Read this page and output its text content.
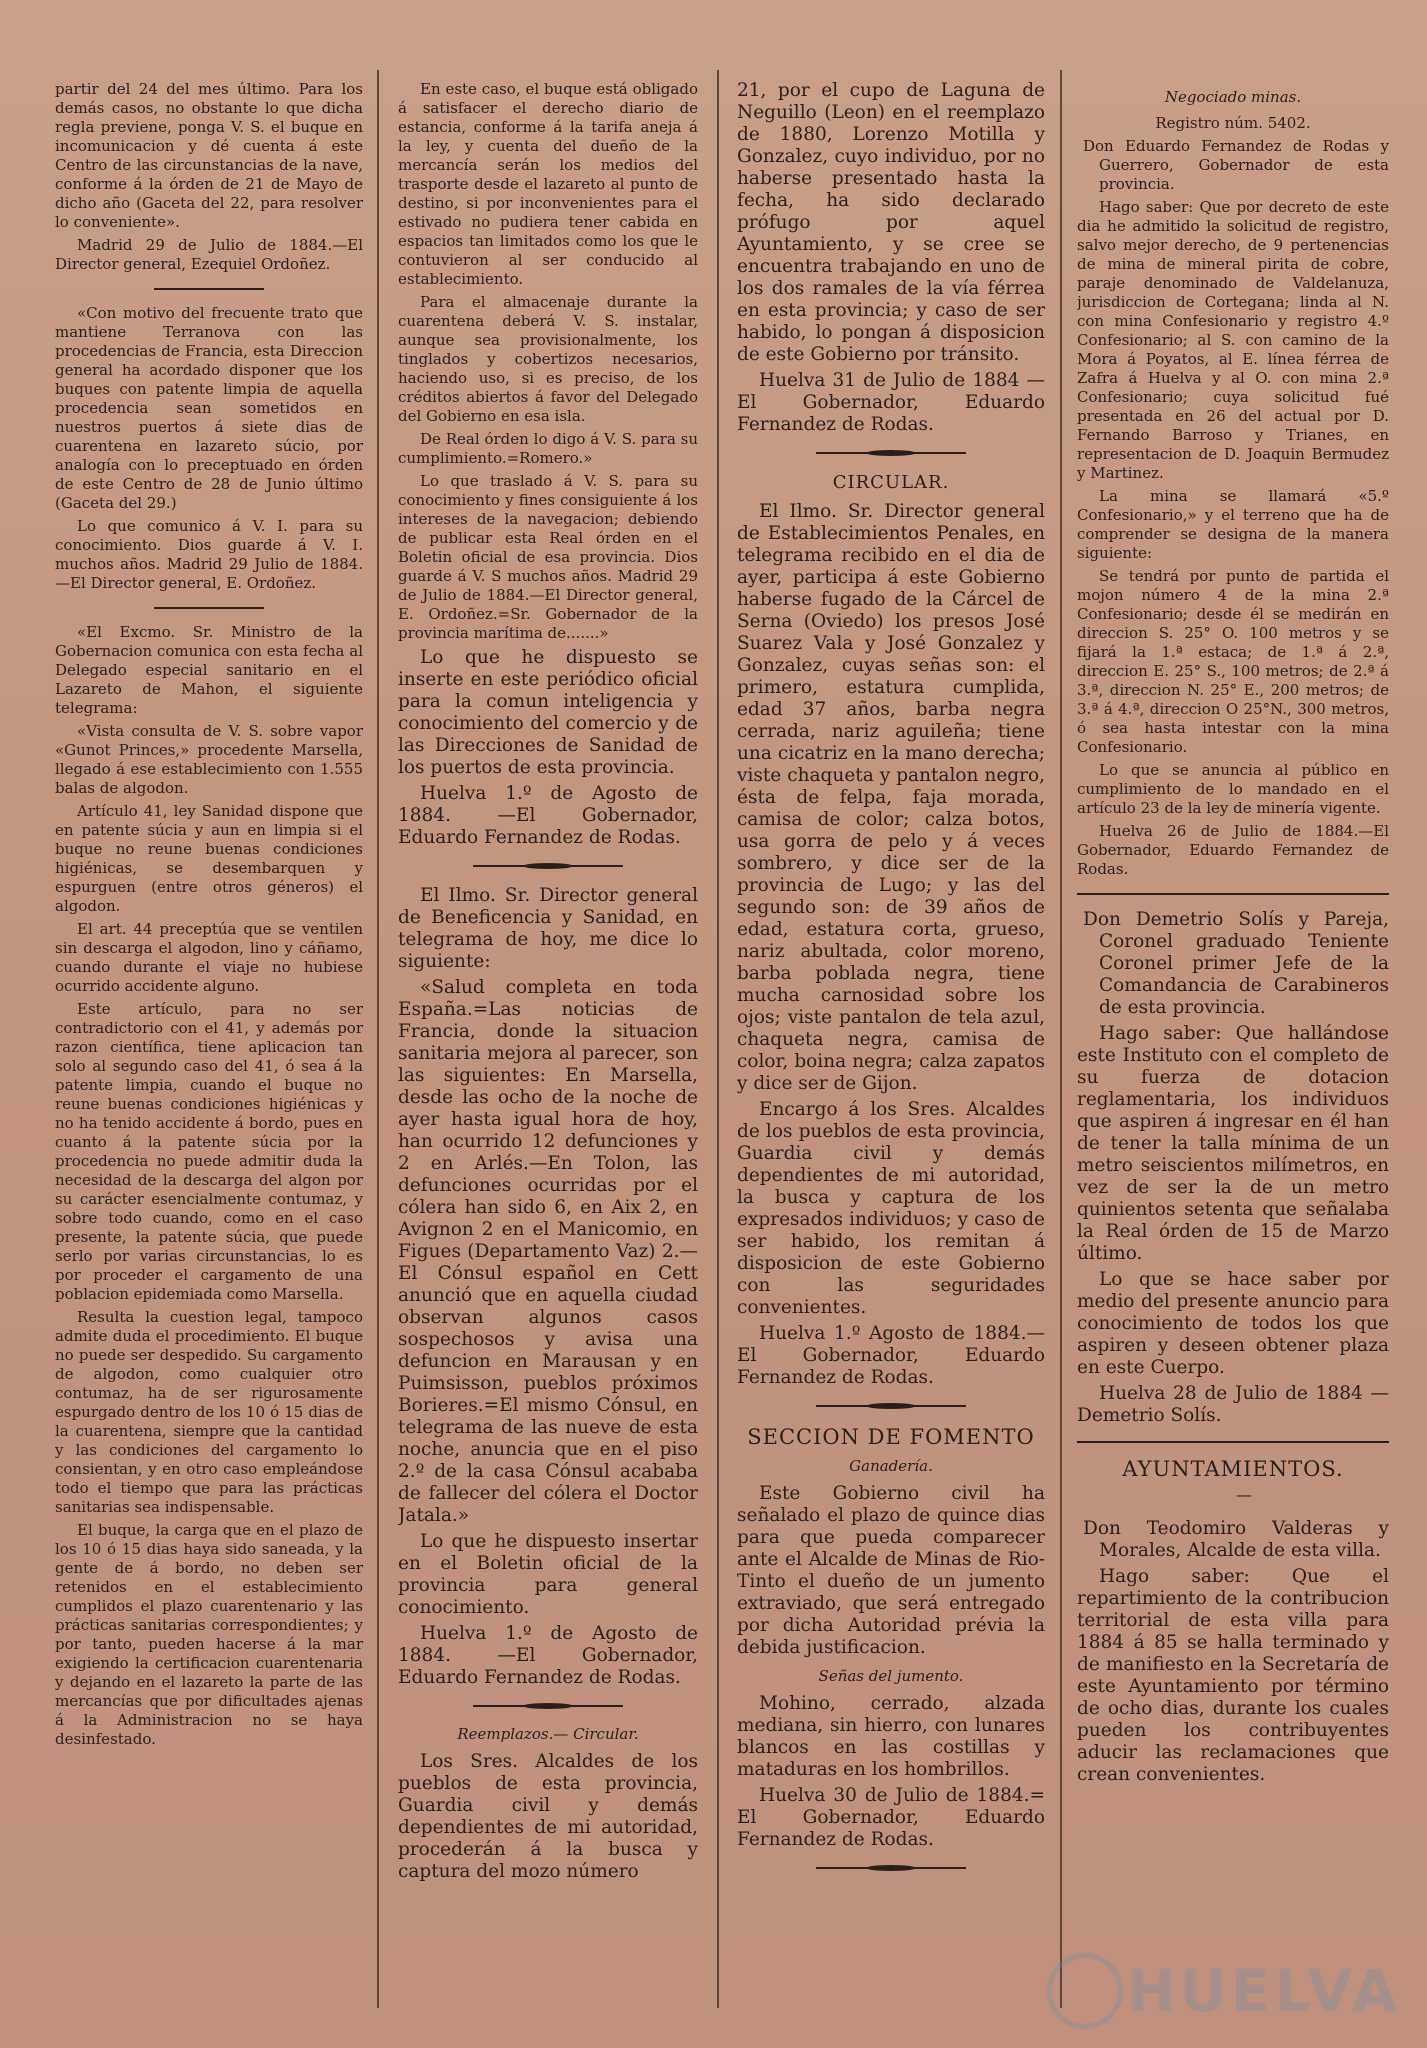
partir del 24 del mes último. Para los demás casos, no obstante lo que dicha regla previene, ponga V. S. el buque en incomunicacion y dé cuenta á este Centro de las circunstancias de la nave, conforme á la órden de 21 de Mayo de dicho año (Gaceta del 22, para resolver lo conveniente».

Madrid 29 de Julio de 1884.—El Director general, Ezequiel Ordoñez.

«Con motivo del frecuente trato que mantiene Terranova con las procedencias de Francia, esta Direccion general ha acordado disponer que los buques con patente limpia de aquella procedencia sean sometidos en nuestros puertos á siete dias de cuarentena en lazareto súcio, por analogía con lo preceptuado en órden de este Centro de 28 de Junio último (Gaceta del 29.)

Lo que comunico á V. I. para su conocimiento. Dios guarde á V. I. muchos años. Madrid 29 Julio de 1884.—El Director general, E. Ordoñez.

«El Excmo. Sr. Ministro de la Gobernacion comunica con esta fecha al Delegado especial sanitario en el Lazareto de Mahon, el siguiente telegrama:

«Vista consulta de V. S. sobre vapor «Gunot Princes,» procedente Marsella, llegado á ese establecimiento con 1.555 balas de algodon.

Artículo 41, ley Sanidad dispone que en patente súcia y aun en limpia si el buque no reune buenas condiciones higiénicas, se desembarquen y espurguen (entre otros géneros) el algodon.

El art. 44 preceptúa que se ventilen sin descarga el algodon, lino y cáñamo, cuando durante el viaje no hubiese ocurrido accidente alguno.

Este artículo, para no ser contradictorio con el 41, y además por razon científica, tiene aplicacion tan solo al segundo caso del 41, ó sea á la patente limpia, cuando el buque no reune buenas condiciones higiénicas y no ha tenido accidente á bordo, pues en cuanto á la patente súcia por la procedencia no puede admitir duda la necesidad de la descarga del algon por su carácter esencialmente contumaz, y sobre todo cuando, como en el caso presente, la patente súcia, que puede serlo por varias circunstancias, lo es por proceder el cargamento de una poblacion epidemiada como Marsella.

Resulta la cuestion legal, tampoco admite duda el procedimiento. El buque no puede ser despedido. Su cargamento de algodon, como cualquier otro contumaz, ha de ser rigurosamente espurgado dentro de los 10 ó 15 dias de la cuarentena, siempre que la cantidad y las condiciones del cargamento lo consientan, y en otro caso empleándose todo el tiempo que para las prácticas sanitarias sea indispensable.

El buque, la carga que en el plazo de los 10 ó 15 dias haya sido saneada, y la gente de á bordo, no deben ser retenidos en el establecimiento cumplidos el plazo cuarentenario y las prácticas sanitarias correspondientes; y por tanto, pueden hacerse á la mar exigiendo la certificacion cuarentenaria y dejando en el lazareto la parte de las mercancías que por dificultades ajenas á la Administracion no se haya desinfestado.

En este caso, el buque está obligado á satisfacer el derecho diario de estancia, conforme á la tarifa aneja á la ley, y cuenta del dueño de la mercancía serán los medios del trasporte desde el lazareto al punto de destino, si por inconvenientes para el estivado no pudiera tener cabida en espacios tan limitados como los que le contuvieron al ser conducido al establecimiento.

Para el almacenaje durante la cuarentena deberá V. S. instalar, aunque sea provisionalmente, los tinglados y cobertizos necesarios, haciendo uso, si es preciso, de los créditos abiertos á favor del Delegado del Gobierno en esa isla.

De Real órden lo digo á V. S. para su cumplimiento.=Romero.»

Lo que traslado á V. S. para su conocimiento y fines consiguiente á los intereses de la navegacion; debiendo de publicar esta Real órden en el Boletin oficial de esa provincia. Dios guarde á V. S muchos años. Madrid 29 de Julio de 1884.—El Director general, E. Ordoñez.=Sr. Gobernador de la provincia marítima de.......»

Lo que he dispuesto se inserte en este periódico oficial para la comun inteligencia y conocimiento del comercio y de las Direcciones de Sanidad de los puertos de esta provincia.

Huelva 1.º de Agosto de 1884. —El Gobernador, Eduardo Fernandez de Rodas.

El Ilmo. Sr. Director general de Beneficencia y Sanidad, en telegrama de hoy, me dice lo siguiente:

«Salud completa en toda España.=Las noticias de Francia, donde la situacion sanitaria mejora al parecer, son las siguientes: En Marsella, desde las ocho de la noche de ayer hasta igual hora de hoy, han ocurrido 12 defunciones y 2 en Arlés.—En Tolon, las defunciones ocurridas por el cólera han sido 6, en Aix 2, en Avignon 2 en el Manicomio, en Figues (Departamento Vaz) 2.—El Cónsul español en Cett anunció que en aquella ciudad observan algunos casos sospechosos y avisa una defuncion en Marausan y en Puimsisson, pueblos próximos Borieres.=El mismo Cónsul, en telegrama de las nueve de esta noche, anuncia que en el piso 2.º de la casa Cónsul acababa de fallecer del cólera el Doctor Jatala.»

Lo que he dispuesto insertar en el Boletin oficial de la provincia para general conocimiento.

Huelva 1.º de Agosto de 1884. —El Gobernador, Eduardo Fernandez de Rodas.

Reemplazos.— Circular.

Los Sres. Alcaldes de los pueblos de esta provincia, Guardia civil y demás dependientes de mi autoridad, procederán á la busca y captura del mozo número

21, por el cupo de Laguna de Neguillo (Leon) en el reemplazo de 1880, Lorenzo Motilla y Gonzalez, cuyo individuo, por no haberse presentado hasta la fecha, ha sido declarado prófugo por aquel Ayuntamiento, y se cree se encuentra trabajando en uno de los dos ramales de la vía férrea en esta provincia; y caso de ser habido, lo pongan á disposicion de este Gobierno por tránsito.

Huelva 31 de Julio de 1884 — El Gobernador, Eduardo Fernandez de Rodas.

CIRCULAR.

El Ilmo. Sr. Director general de Establecimientos Penales, en telegrama recibido en el dia de ayer, participa á este Gobierno haberse fugado de la Cárcel de Serna (Oviedo) los presos José Suarez Vala y José Gonzalez y Gonzalez, cuyas señas son: el primero, estatura cumplida, edad 37 años, barba negra cerrada, nariz aguileña; tiene una cicatriz en la mano derecha; viste chaqueta y pantalon negro, ésta de felpa, faja morada, camisa de color; calza botos, usa gorra de pelo y á veces sombrero, y dice ser de la provincia de Lugo; y las del segundo son: de 39 años de edad, estatura corta, grueso, nariz abultada, color moreno, barba poblada negra, tiene mucha carnosidad sobre los ojos; viste pantalon de tela azul, chaqueta negra, camisa de color, boina negra; calza zapatos y dice ser de Gijon.

Encargo á los Sres. Alcaldes de los pueblos de esta provincia, Guardia civil y demás dependientes de mi autoridad, la busca y captura de los expresados individuos; y caso de ser habido, los remitan á disposicion de este Gobierno con las seguridades convenientes.

Huelva 1.º Agosto de 1884.— El Gobernador, Eduardo Fernandez de Rodas.

SECCION DE FOMENTO

Ganadería.

Este Gobierno civil ha señalado el plazo de quince dias para que pueda comparecer ante el Alcalde de Minas de Rio-Tinto el dueño de un jumento extraviado, que será entregado por dicha Autoridad prévia la debida justificacion.

Señas del jumento.

Mohino, cerrado, alzada mediana, sin hierro, con lunares blancos en las costillas y mataduras en los hombrillos.

Huelva 30 de Julio de 1884.= El Gobernador, Eduardo Fernandez de Rodas.

Negociado minas.

Registro núm. 5402.

Don Eduardo Fernandez de Rodas y Guerrero, Gobernador de esta provincia.

Hago saber: Que por decreto de este dia he admitido la solicitud de registro, salvo mejor derecho, de 9 pertenencias de mina de mineral pirita de cobre, paraje denominado de Valdelanuza, jurisdiccion de Cortegana; linda al N. con mina Confesionario y registro 4.º Confesionario; al S. con camino de la Mora á Poyatos, al E. línea férrea de Zafra á Huelva y al O. con mina 2.ª Confesionario; cuya solicitud fué presentada en 26 del actual por D. Fernando Barroso y Trianes, en representacion de D. Joaquin Bermudez y Martinez.

La mina se llamará «5.º Confesionario,» y el terreno que ha de comprender se designa de la manera siguiente:

Se tendrá por punto de partida el mojon número 4 de la mina 2.ª Confesionario; desde él se medirán en direccion S. 25° O. 100 metros y se fijará la 1.ª estaca; de 1.ª á 2.ª, direccion E. 25° S., 100 metros; de 2.ª á 3.ª, direccion N. 25° E., 200 metros; de 3.ª á 4.ª, direccion O 25°N., 300 metros, ó sea hasta intestar con la mina Confesionario.

Lo que se anuncia al público en cumplimiento de lo mandado en el artículo 23 de la ley de minería vigente.

Huelva 26 de Julio de 1884.—El Gobernador, Eduardo Fernandez de Rodas.

Don Demetrio Solís y Pareja, Coronel graduado Teniente Coronel primer Jefe de la Comandancia de Carabineros de esta provincia.

Hago saber: Que hallándose este Instituto con el completo de su fuerza de dotacion reglamentaria, los individuos que aspiren á ingresar en él han de tener la talla mínima de un metro seiscientos milímetros, en vez de ser la de un metro quinientos setenta que señalaba la Real órden de 15 de Marzo último.

Lo que se hace saber por medio del presente anuncio para conocimiento de todos los que aspiren y deseen obtener plaza en este Cuerpo.

Huelva 28 de Julio de 1884 — Demetrio Solís.

AYUNTAMIENTOS.

—

Don Teodomiro Valderas y Morales, Alcalde de esta villa.

Hago saber: Que el repartimiento de la contribucion territorial de esta villa para 1884 á 85 se halla terminado y de manifiesto en la Secretaría de este Ayuntamiento por término de ocho dias, durante los cuales pueden los contribuyentes aducir las reclamaciones que crean convenientes.

HUELVA
